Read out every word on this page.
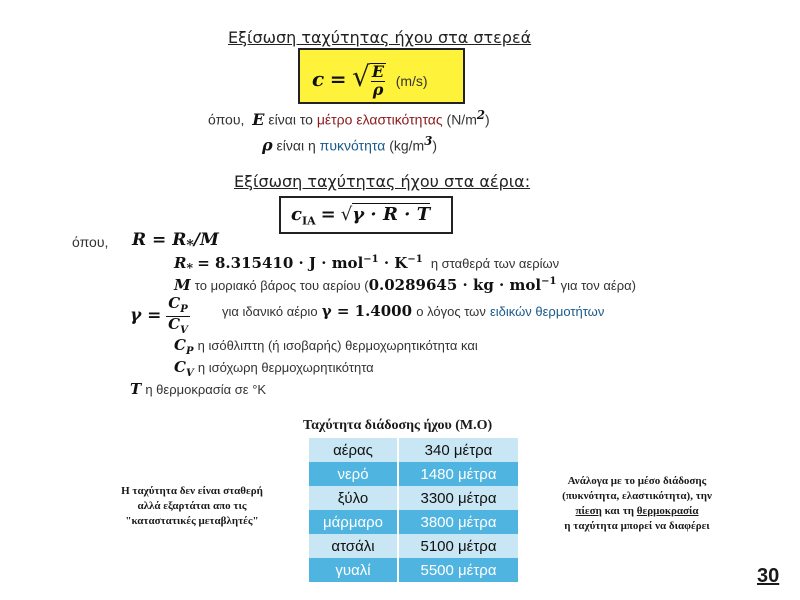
Εξίσωση ταχύτητας ήχου στα στερεά
c = √ $\frac{E}{\rho} (m/s)$
όπου, E είναι το μέτρο ελαστικότητας $(N/m^2)$
ρ είναι η πυκνότητα $(kg/m^3)$
Εξίσωση ταχύτητας ήχου στα αέρια:
$c_{IA} = √\gamma \cdot R \cdot T$
όπου, $R = R_*/M$
$R_* = 8.315410 \cdot J \cdot mol^{-1} \cdot K^{-1}$ η σταθερά των αερίων
M το μοριακό βάρος του αερίου (0.0289645 · kg · mol$^{-1}$ για τον αέρα)
$\gamma = \frac{C_P}{C_V}$ για ιδανικό αέριο γ = 1.4000 ο λόγος των ειδικών θερμοτήτων
$C_P$ η ισόθλιπτη (ή ισοβαρής) θερμοχωρητικότητα και
$C_V$ η ισόχωρη θερμοχωρητικότητα
T η θερμοκρασία σε °K
Ταχύτητα διάδοσης ήχου (Μ.Ο)
αέρας	340 μέτρα
νερό	1480 μέτρα
ξύλο	3300 μέτρα
μάρμαρο	3800 μέτρα
ατσάλι	5100 μέτρα
γυαλί	5500 μέτρα
Η ταχύτητα δεν είναι σταθερή
αλλά εξαρτάται απο τις
"καταστατικές μεταβλητές"
Ανάλογα με το μέσο διάδοσης
(πυκνότητα, ελαστικότητα), την
πίεση και τη θερμοκρασία
η ταχύτητα μπορεί να διαφέρει
30
